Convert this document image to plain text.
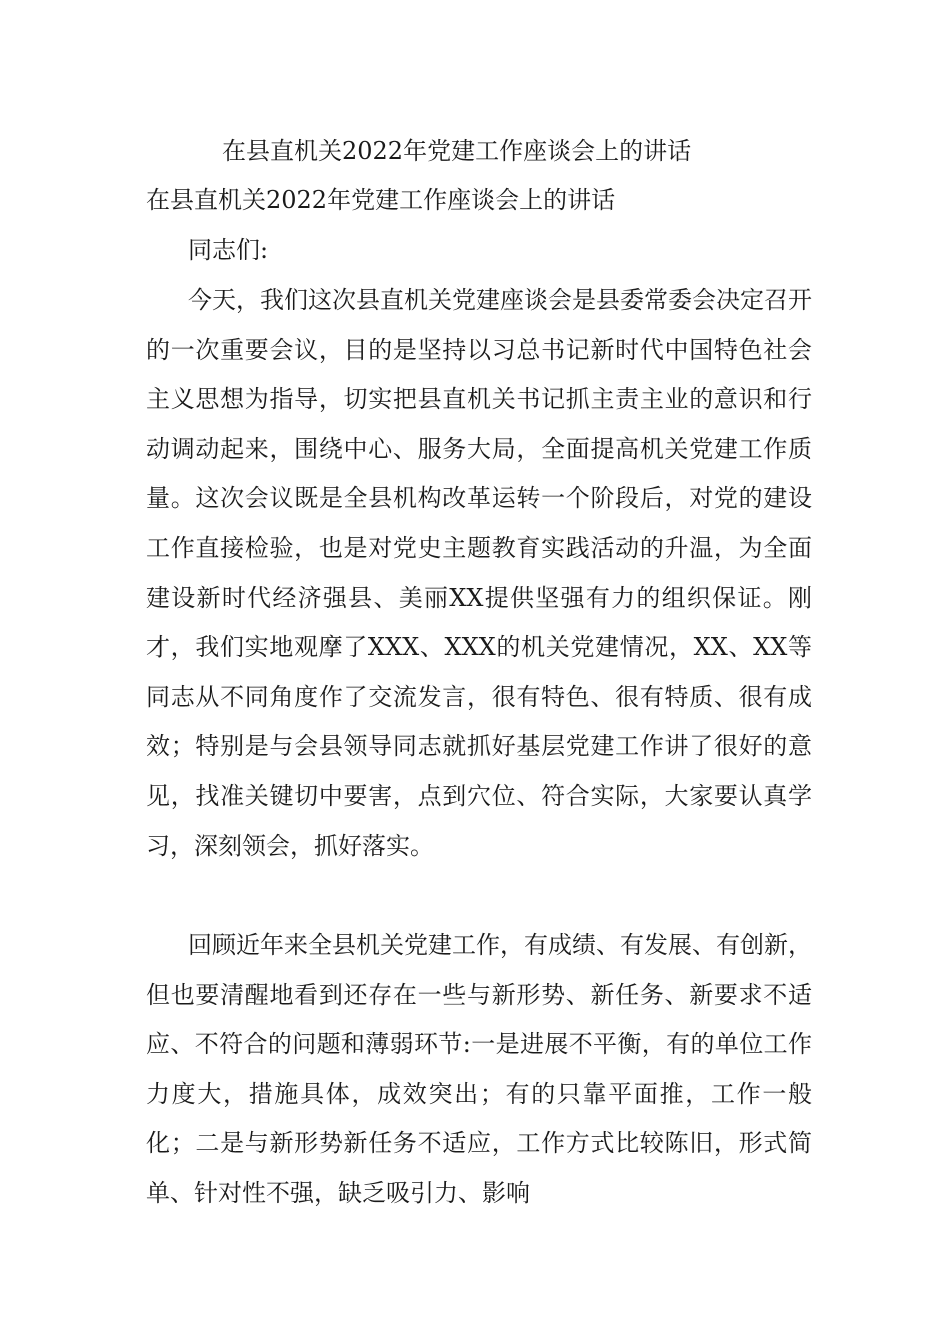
在县直机关2022年党建工作座谈会上的讲话
在县直机关2022年党建工作座谈会上的讲话

同志们:

今天，我们这次县直机关党建座谈会是县委常委会决定召开的一次重要会议，目的是坚持以习总书记新时代中国特色社会主义思想为指导，切实把县直机关书记抓主责主业的意识和行动调动起来，围绕中心、服务大局，全面提高机关党建工作质量。这次会议既是全县机构改革运转一个阶段后，对党的建设工作直接检验，也是对党史主题教育实践活动的升温，为全面建设新时代经济强县、美丽XX提供坚强有力的组织保证。刚才，我们实地观摩了XXX、XXX的机关党建情况，XX、XX等同志从不同角度作了交流发言，很有特色、很有特质、很有成效；特别是与会县领导同志就抓好基层党建工作讲了很好的意见，找准关键切中要害，点到穴位、符合实际，大家要认真学习，深刻领会，抓好落实。

回顾近年来全县机关党建工作，有成绩、有发展、有创新，但也要清醒地看到还存在一些与新形势、新任务、新要求不适应、不符合的问题和薄弱环节:一是进展不平衡，有的单位工作力度大，措施具体，成效突出；有的只靠平面推，工作一般化；二是与新形势新任务不适应，工作方式比较陈旧，形式简单、针对性不强，缺乏吸引力、影响
